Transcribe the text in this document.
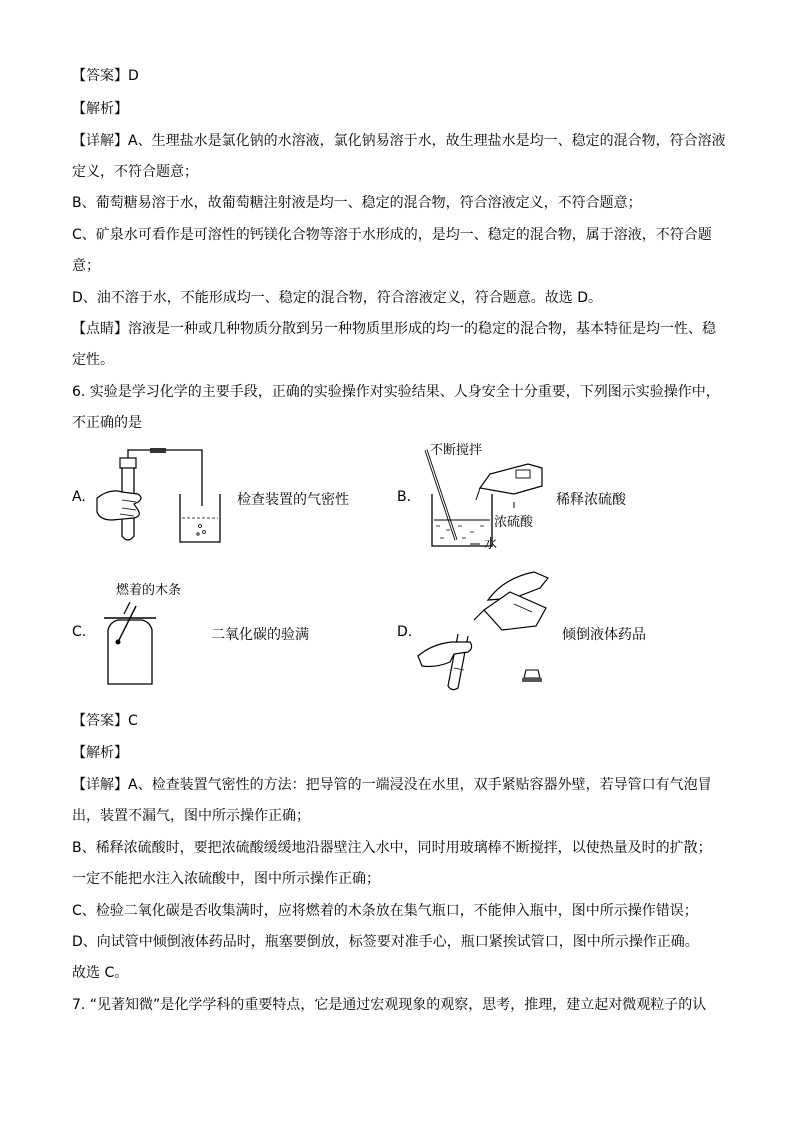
【答案】D
【解析】
【详解】A、生理盐水是氯化钠的水溶液，氯化钠易溶于水，故生理盐水是均一、稳定的混合物，符合溶液
定义，不符合题意；
B、葡萄糖易溶于水，故葡萄糖注射液是均一、稳定的混合物，符合溶液定义，不符合题意；
C、矿泉水可看作是可溶性的钙镁化合物等溶于水形成的，是均一、稳定的混合物，属于溶液，不符合题
意；
D、油不溶于水，不能形成均一、稳定的混合物，符合溶液定义，符合题意。故选 D。
【点睛】溶液是一种或几种物质分散到另一种物质里形成的均一的稳定的混合物，基本特征是均一性、稳
定性。
6. 实验是学习化学的主要手段，正确的实验操作对实验结果、人身安全十分重要，下列图示实验操作中，
不正确的是
A.	检查装置的气密性	B.
不断搅拌
浓硫酸
水
稀释浓硫酸
C.
燃着的木条
二氧化碳的验满	D.	倾倒液体药品
【答案】C
【解析】
【详解】A、检查装置气密性的方法：把导管的一端浸没在水里，双手紧贴容器外壁，若导管口有气泡冒
出，装置不漏气，图中所示操作正确；
B、稀释浓硫酸时，要把浓硫酸缓缓地沿器壁注入水中，同时用玻璃棒不断搅拌，以使热量及时的扩散；
一定不能把水注入浓硫酸中，图中所示操作正确；
C、检验二氧化碳是否收集满时，应将燃着的木条放在集气瓶口，不能伸入瓶中，图中所示操作错误；
D、向试管中倾倒液体药品时，瓶塞要倒放，标签要对准手心，瓶口紧挨试管口，图中所示操作正确。
故选 C。
7. “见著知微”是化学学科的重要特点，它是通过宏观现象的观察，思考，推理，建立起对微观粒子的认
